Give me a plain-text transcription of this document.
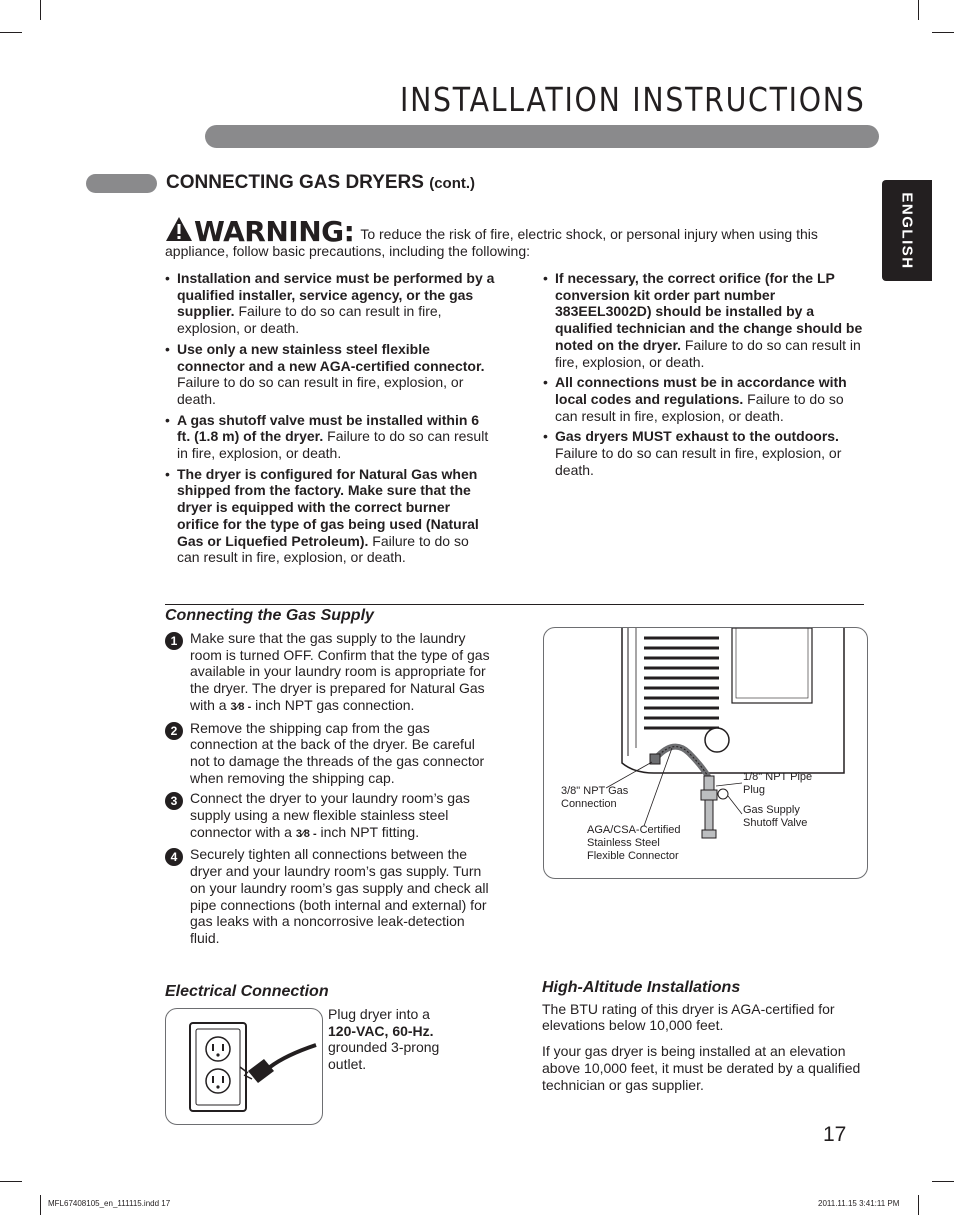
INSTALLATION INSTRUCTIONS
CONNECTING GAS DRYERS (cont.)
ENGLISH
WARNING: To reduce the risk of fire, electric shock, or personal injury when using this appliance, follow basic precautions, including the following:
• Installation and service must be performed by a qualified installer, service agency, or the gas supplier. Failure to do so can result in fire, explosion, or death.
• Use only a new stainless steel flexible connector and a new AGA-certified connector. Failure to do so can result in fire, explosion, or death.
• A gas shutoff valve must be installed within 6 ft. (1.8 m) of the dryer. Failure to do so can result in fire, explosion, or death.
• The dryer is configured for Natural Gas when shipped from the factory. Make sure that the dryer is equipped with the correct burner orifice for the type of gas being used (Natural Gas or Liquefied Petroleum). Failure to do so can result in fire, explosion, or death.
• If necessary, the correct orifice (for the LP conversion kit order part number 383EEL3002D) should be installed by a qualified technician and the change should be noted on the dryer. Failure to do so can result in fire, explosion, or death.
• All connections must be in accordance with local codes and regulations. Failure to do so can result in fire, explosion, or death.
• Gas dryers MUST exhaust to the outdoors. Failure to do so can result in fire, explosion, or death.
Connecting the Gas Supply
1 Make sure that the gas supply to the laundry room is turned OFF. Confirm that the type of gas available in your laundry room is appropriate for the dryer. The dryer is prepared for Natural Gas with a 3⁄8 - inch NPT gas connection.
2 Remove the shipping cap from the gas connection at the back of the dryer. Be careful not to damage the threads of the gas connector when removing the shipping cap.
3 Connect the dryer to your laundry room’s gas supply using a new flexible stainless steel connector with a 3⁄8 - inch NPT fitting.
4 Securely tighten all connections between the dryer and your laundry room’s gas supply. Turn on your laundry room’s gas supply and check all pipe connections (both internal and external) for gas leaks with a noncorrosive leak-detection fluid.
3/8" NPT Gas Connection
AGA/CSA-Certified Stainless Steel Flexible Connector
1/8" NPT Pipe Plug
Gas Supply Shutoff Valve
Electrical Connection
Plug dryer into a
120-VAC, 60-Hz.
grounded 3-prong outlet.
High-Altitude Installations

The BTU rating of this dryer is AGA-certified for elevations below 10,000 feet.

If your gas dryer is being installed at an elevation above 10,000 feet, it must be derated by a qualified technician or gas supplier.

17
MFL67408105_en_111115.indd 17	2011.11.15 3:41:11 PM
